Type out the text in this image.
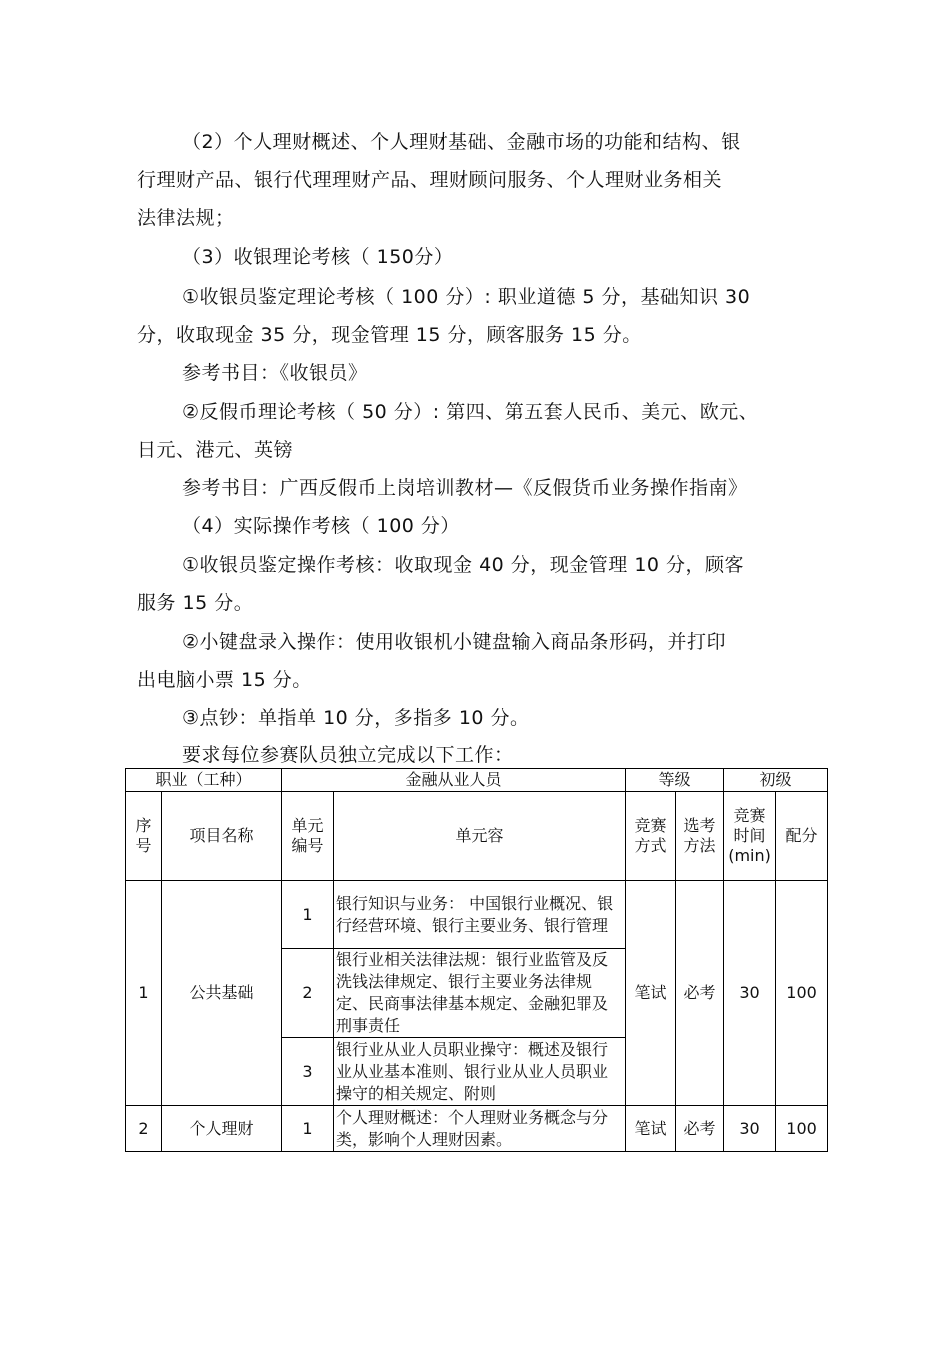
（2）个人理财概述、个人理财基础、金融市场的功能和结构、银
行理财产品、银行代理理财产品、理财顾问服务、个人理财业务相关
法律法规；
（3）收银理论考核（ 150分）
①收银员鉴定理论考核（ 100 分）: 职业道德 5 分，基础知识 30
分，收取现金 35 分，现金管理 15 分，顾客服务 15 分。
参考书目：《收银员》
②反假币理论考核（ 50 分）: 第四、第五套人民币、美元、欧元、
日元、港元、英镑
参考书目：广西反假币上岗培训教材—《反假货币业务操作指南》
（4）实际操作考核（ 100 分）
①收银员鉴定操作考核：收取现金 40 分，现金管理 10 分，顾客
服务 15 分。
②小键盘录入操作：使用收银机小键盘输入商品条形码，并打印
出电脑小票 15 分。
③点钞：单指单 10 分，多指多 10 分。
要求每位参赛队员独立完成以下工作：
职业（工种）		金融从业人员		等级		初级	
序号	项目名称	单元编号	单元容	竞赛方式	选考方法	竞赛时间(min)	配分
1	公共基础	1	银行知识与业务： 中国银行业概况、银行经营环境、银行主要业务、银行管理	笔试	必考	30	100
		2	银行业相关法律法规：银行业监管及反洗钱法律规定、银行主要业务法律规定、民商事法律基本规定、金融犯罪及刑事责任				
		3	银行业从业人员职业操守：概述及银行业从业基本准则、银行业从业人员职业操守的相关规定、附则				
2	个人理财	1	个人理财概述：个人理财业务概念与分类，影响个人理财因素。	笔试	必考	30	100
